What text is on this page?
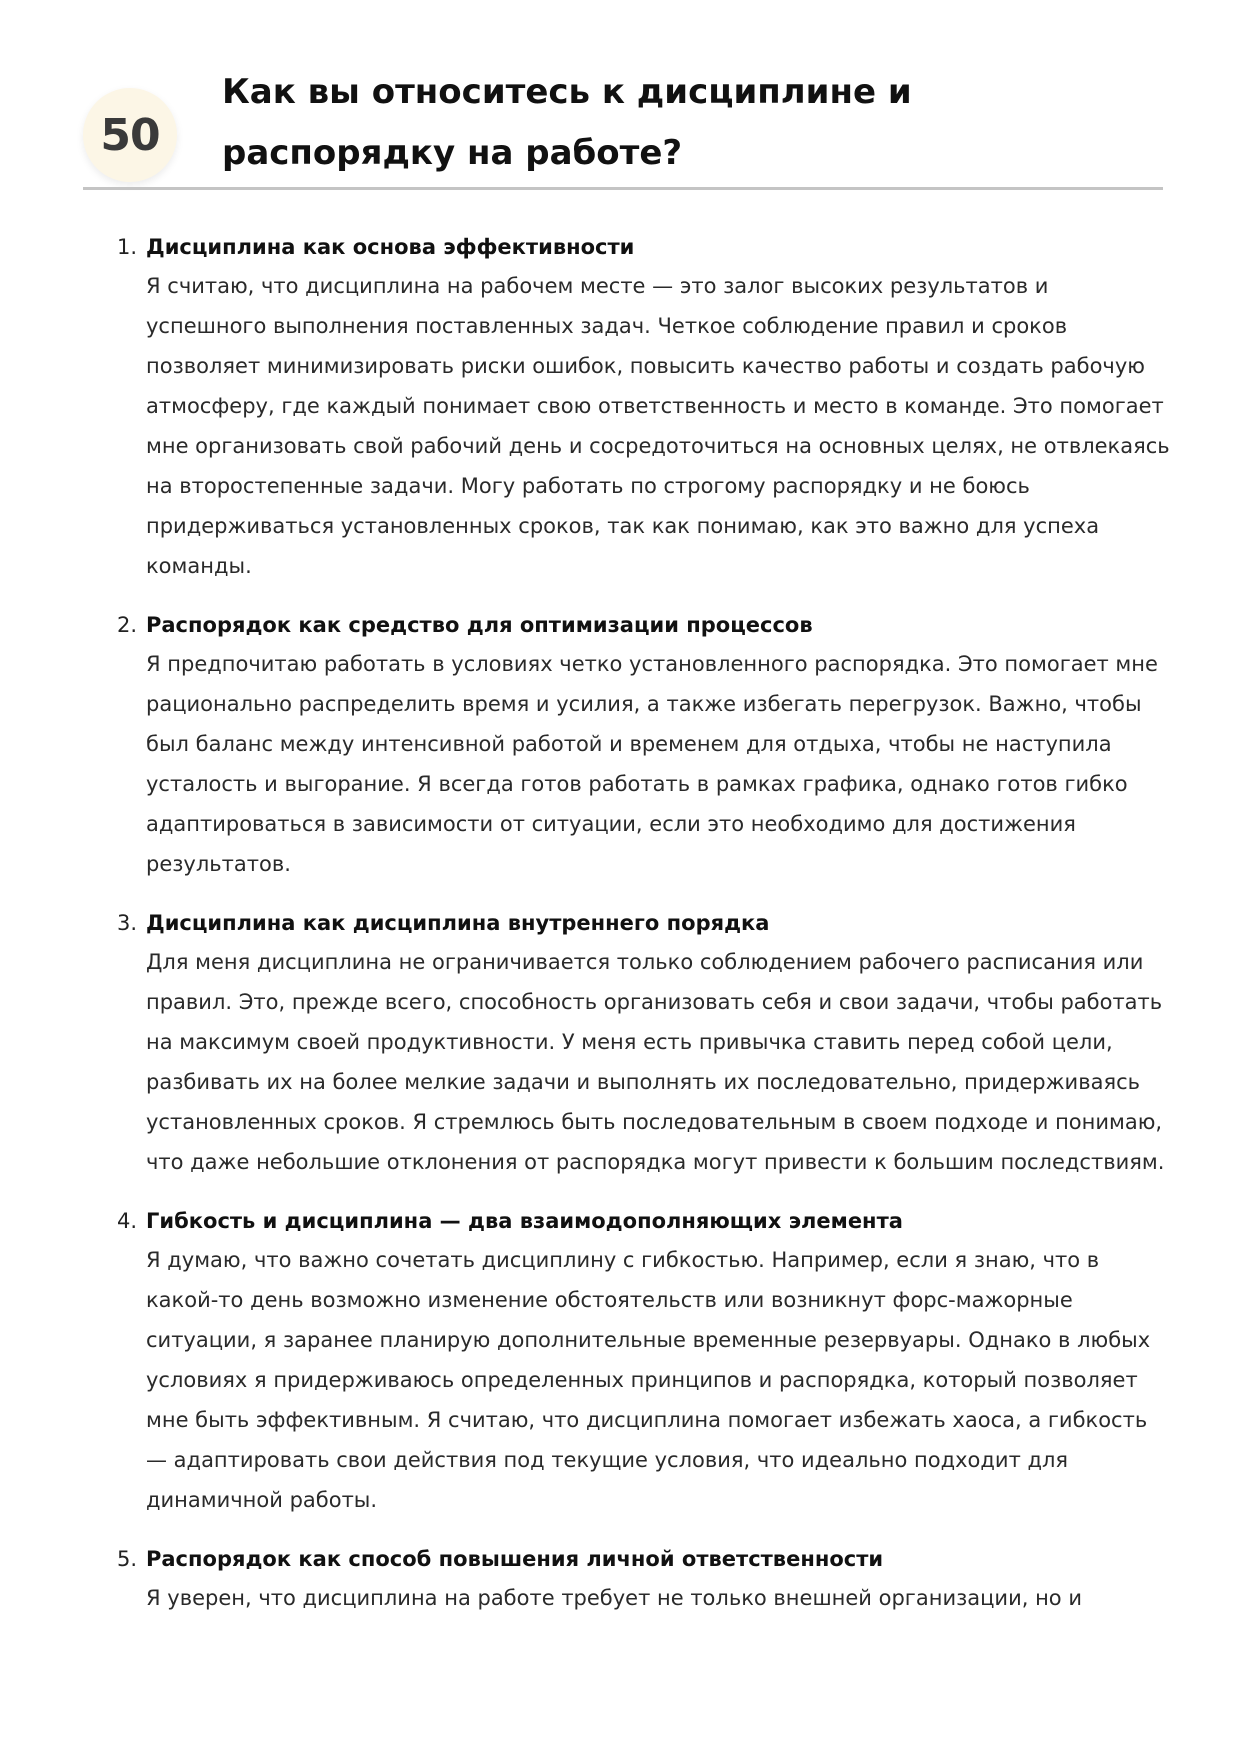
50
Как вы относитесь к дисциплине и распорядку на работе?
1. Дисциплина как основа эффективности
Я считаю, что дисциплина на рабочем месте — это залог высоких результатов и успешного выполнения поставленных задач. Четкое соблюдение правил и сроков позволяет минимизировать риски ошибок, повысить качество работы и создать рабочую атмосферу, где каждый понимает свою ответственность и место в команде. Это помогает мне организовать свой рабочий день и сосредоточиться на основных целях, не отвлекаясь на второстепенные задачи. Могу работать по строгому распорядку и не боюсь придерживаться установленных сроков, так как понимаю, как это важно для успеха команды.
2. Распорядок как средство для оптимизации процессов
Я предпочитаю работать в условиях четко установленного распорядка. Это помогает мне рационально распределить время и усилия, а также избегать перегрузок. Важно, чтобы был баланс между интенсивной работой и временем для отдыха, чтобы не наступила усталость и выгорание. Я всегда готов работать в рамках графика, однако готов гибко адаптироваться в зависимости от ситуации, если это необходимо для достижения результатов.
3. Дисциплина как дисциплина внутреннего порядка
Для меня дисциплина не ограничивается только соблюдением рабочего расписания или правил. Это, прежде всего, способность организовать себя и свои задачи, чтобы работать на максимум своей продуктивности. У меня есть привычка ставить перед собой цели, разбивать их на более мелкие задачи и выполнять их последовательно, придерживаясь установленных сроков. Я стремлюсь быть последовательным в своем подходе и понимаю, что даже небольшие отклонения от распорядка могут привести к большим последствиям.
4. Гибкость и дисциплина — два взаимодополняющих элемента
Я думаю, что важно сочетать дисциплину с гибкостью. Например, если я знаю, что в какой-то день возможно изменение обстоятельств или возникнут форс-мажорные ситуации, я заранее планирую дополнительные временные резервуары. Однако в любых условиях я придерживаюсь определенных принципов и распорядка, который позволяет мне быть эффективным. Я считаю, что дисциплина помогает избежать хаоса, а гибкость — адаптировать свои действия под текущие условия, что идеально подходит для динамичной работы.
5. Распорядок как способ повышения личной ответственности
Я уверен, что дисциплина на работе требует не только внешней организации, но и
